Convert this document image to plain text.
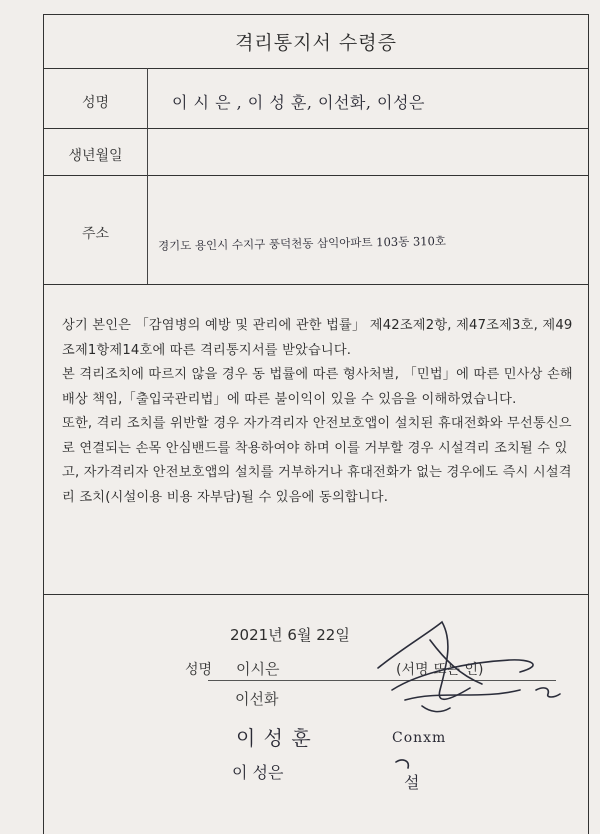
격리통지서 수령증
성명
생년월일
주소
이 시 은 , 이 성 훈, 이선화, 이성은
경기도 용인시 수지구 풍덕천동 삼익아파트 103동 310호

상기 본인은 「감염병의 예방 및 관리에 관한 법률」 제42조제2항, 제47조제3호, 제49조제1항제14호에 따른 격리통지서를 받았습니다.

본 격리조치에 따르지 않을 경우 동 법률에 따른 형사처벌, 「민법」에 따른 민사상 손해배상 책임,「출입국관리법」에 따른 불이익이 있을 수 있음을 이해하였습니다.

또한, 격리 조치를 위반할 경우 자가격리자 안전보호앱이 설치된 휴대전화와 무선통신으로 연결되는 손목 안심밴드를 착용하여야 하며 이를 거부할 경우 시설격리 조치될 수 있고, 자가격리자 안전보호앱의 설치를 거부하거나 휴대전화가 없는 경우에도 즉시 시설격리 조치(시설이용 비용 자부담)될 수 있음에 동의합니다.

2021년 6월 22일
성명	(서명 또는 인)
이시은
이선화
이 성 훈
이 성은
Conxm
설
